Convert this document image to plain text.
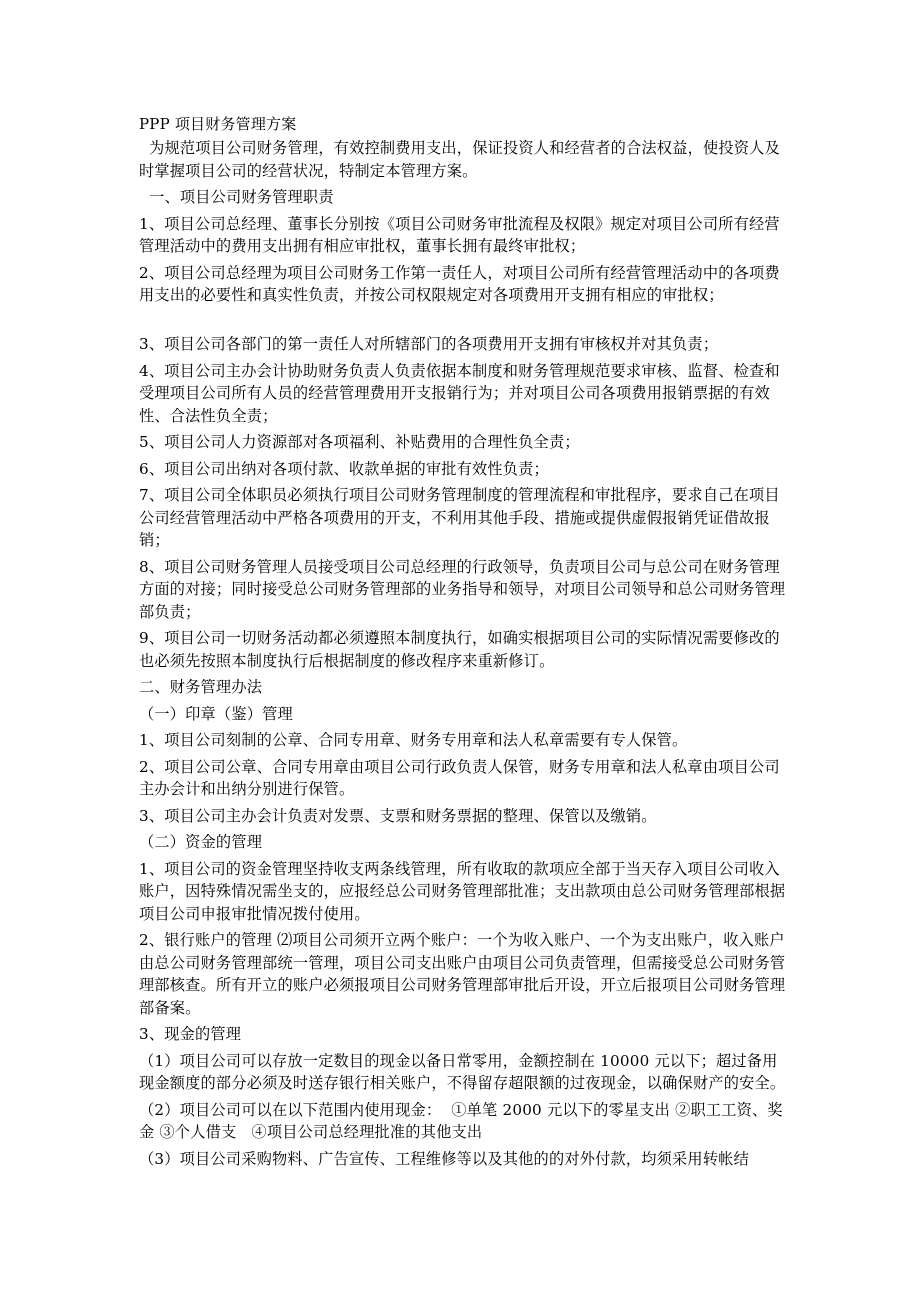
PPP 项目财务管理方案

为规范项目公司财务管理，有效控制费用支出，保证投资人和经营者的合法权益，使投资人及时掌握项目公司的经营状况，特制定本管理方案。

一、项目公司财务管理职责

1、项目公司总经理、董事长分别按《项目公司财务审批流程及权限》规定对项目公司所有经营管理活动中的费用支出拥有相应审批权，董事长拥有最终审批权；

2、项目公司总经理为项目公司财务工作第一责任人，对项目公司所有经营管理活动中的各项费用支出的必要性和真实性负责，并按公司权限规定对各项费用开支拥有相应的审批权；

3、项目公司各部门的第一责任人对所辖部门的各项费用开支拥有审核权并对其负责；

4、项目公司主办会计协助财务负责人负责依据本制度和财务管理规范要求审核、监督、检查和受理项目公司所有人员的经营管理费用开支报销行为；并对项目公司各项费用报销票据的有效性、合法性负全责；

5、项目公司人力资源部对各项福利、补贴费用的合理性负全责；

6、项目公司出纳对各项付款、收款单据的审批有效性负责；

7、项目公司全体职员必须执行项目公司财务管理制度的管理流程和审批程序，要求自己在项目公司经营管理活动中严格各项费用的开支，不利用其他手段、措施或提供虚假报销凭证借故报销；

8、项目公司财务管理人员接受项目公司总经理的行政领导，负责项目公司与总公司在财务管理方面的对接；同时接受总公司财务管理部的业务指导和领导，对项目公司领导和总公司财务管理部负责；

9、项目公司一切财务活动都必须遵照本制度执行，如确实根据项目公司的实际情况需要修改的也必须先按照本制度执行后根据制度的修改程序来重新修订。

二、财务管理办法

（一）印章（鉴）管理

1、项目公司刻制的公章、合同专用章、财务专用章和法人私章需要有专人保管。

2、项目公司公章、合同专用章由项目公司行政负责人保管，财务专用章和法人私章由项目公司主办会计和出纳分别进行保管。

3、项目公司主办会计负责对发票、支票和财务票据的整理、保管以及缴销。

（二）资金的管理

1、项目公司的资金管理坚持收支两条线管理，所有收取的款项应全部于当天存入项目公司收入账户，因特殊情况需坐支的，应报经总公司财务管理部批准；支出款项由总公司财务管理部根据项目公司申报审批情况拨付使用。

2、银行账户的管理 ⑵项目公司须开立两个账户：一个为收入账户、一个为支出账户，收入账户由总公司财务管理部统一管理，项目公司支出账户由项目公司负责管理，但需接受总公司财务管理部核查。所有开立的账户必须报项目公司财务管理部审批后开设，开立后报项目公司财务管理部备案。

3、现金的管理

（1）项目公司可以存放一定数目的现金以备日常零用，金额控制在 10000 元以下；超过备用现金额度的部分必须及时送存银行相关账户，不得留存超限额的过夜现金，以确保财产的安全。

（2）项目公司可以在以下范围内使用现金：  ①单笔 2000 元以下的零星支出 ②职工工资、奖金 ③个人借支   ④项目公司总经理批准的其他支出

（3）项目公司采购物料、广告宣传、工程维修等以及其他的的对外付款，均须采用转帐结
